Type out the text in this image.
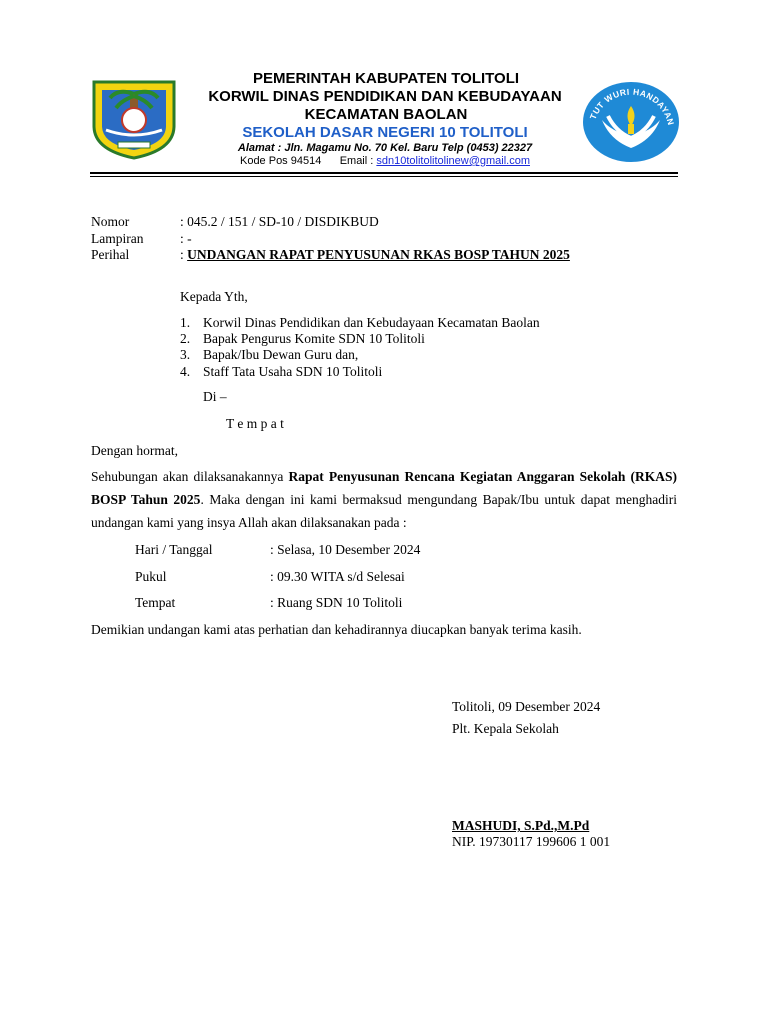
PEMERINTAH KABUPATEN TOLITOLI
KORWIL DINAS PENDIDIKAN DAN KEBUDAYAAN
KECAMATAN BAOLAN
SEKOLAH DASAR NEGERI 10 TOLITOLI
Alamat : Jln. Magamu No. 70 Kel. Baru Telp (0453) 22327
Kode Pos 94514 Email : sdn10tolitolitolinew@gmail.com
TUT WURI HANDAYAN
Nomor	: 045.2 / 151 / SD-10 / DISDIKBUD
Lampiran	: -
Perihal	: UNDANGAN RAPAT PENYUSUNAN RKAS BOSP TAHUN 2025
Kepada Yth,
1. Korwil Dinas Pendidikan dan Kebudayaan Kecamatan Baolan
2. Bapak Pengurus Komite SDN 10 Tolitoli
3. Bapak/Ibu Dewan Guru dan,
4. Staff Tata Usaha SDN 10 Tolitoli
Di –
T e m p a t
Dengan hormat,
Sehubungan akan dilaksanakannya Rapat Penyusunan Rencana Kegiatan Anggaran Sekolah (RKAS) BOSP Tahun 2025. Maka dengan ini kami bermaksud mengundang Bapak/Ibu untuk dapat menghadiri undangan kami yang insya Allah akan dilaksanakan pada :
Hari / Tanggal	: Selasa, 10 Desember 2024
Pukul	: 09.30 WITA s/d Selesai
Tempat	: Ruang SDN 10 Tolitoli
Demikian undangan kami atas perhatian dan kehadirannya diucapkan banyak terima kasih.
Tolitoli, 09 Desember 2024
Plt. Kepala Sekolah
MASHUDI, S.Pd.,M.Pd
NIP. 19730117 199606 1 001
